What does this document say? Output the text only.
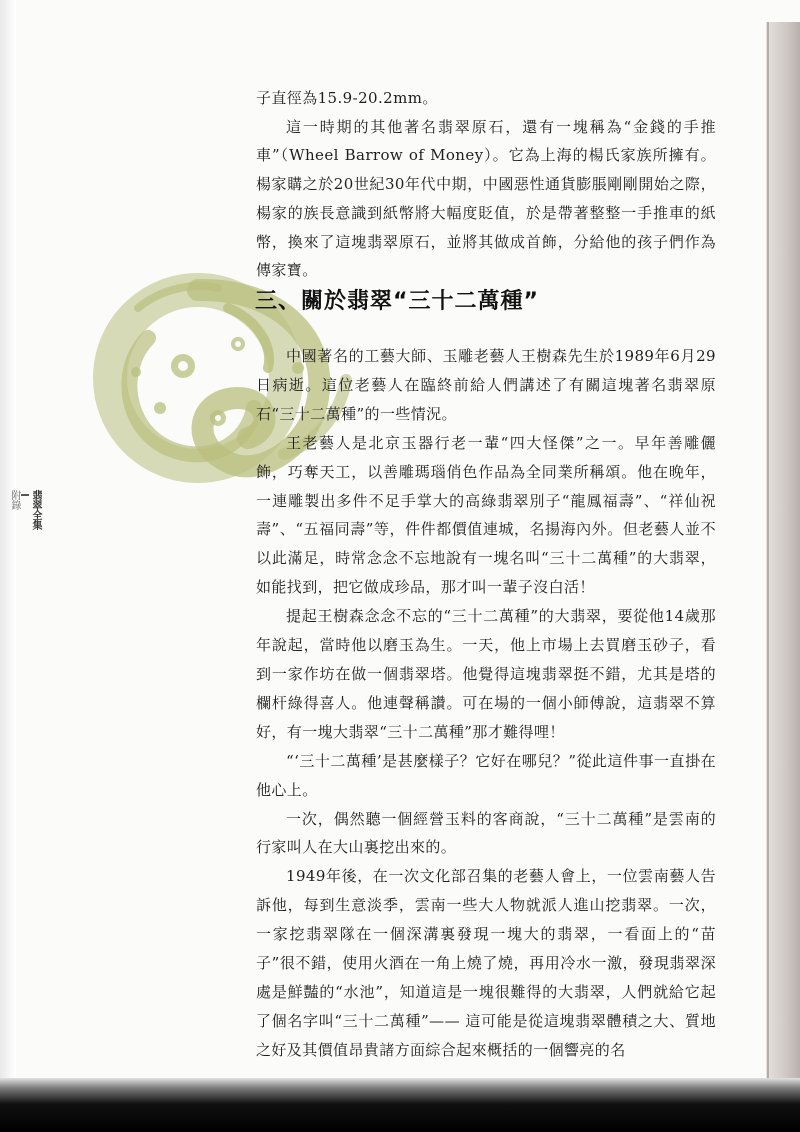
翡翠全集
附錄

子直徑為15.9-20.2mm。

這一時期的其他著名翡翠原石，還有一塊稱為“金錢的手推車”（Wheel Barrow of Money）。它為上海的楊氏家族所擁有。楊家購之於20世紀30年代中期，中國惡性通貨膨脹剛剛開始之際，楊家的族長意識到紙幣將大幅度貶值，於是帶著整整一手推車的紙幣，換來了這塊翡翠原石，並將其做成首飾，分給他的孩子們作為傳家寶。

三、關於翡翠“三十二萬種”

中國著名的工藝大師、玉雕老藝人王樹森先生於1989年6月29日病逝。這位老藝人在臨終前給人們講述了有關這塊著名翡翠原石“三十二萬種”的一些情況。

王老藝人是北京玉器行老一輩“四大怪傑”之一。早年善雕儷飾，巧奪天工，以善雕瑪瑙俏色作品為全同業所稱頌。他在晚年，一連雕製出多件不足手掌大的高綠翡翠別子“龍鳳福壽”、“祥仙祝壽”、“五福同壽”等，件件都價值連城，名揚海內外。但老藝人並不以此滿足，時常念念不忘地說有一塊名叫“三十二萬種”的大翡翠，如能找到，把它做成珍品，那才叫一輩子沒白活！

提起王樹森念念不忘的“三十二萬種”的大翡翠，要從他14歲那年說起，當時他以磨玉為生。一天，他上市場上去買磨玉砂子，看到一家作坊在做一個翡翠塔。他覺得這塊翡翠挺不錯，尤其是塔的欄杆綠得喜人。他連聲稱讚。可在場的一個小師傅說，這翡翠不算好，有一塊大翡翠“三十二萬種”那才難得哩！

“‘三十二萬種’是甚麼樣子？它好在哪兒？”從此這件事一直掛在他心上。

一次，偶然聽一個經營玉料的客商說，“三十二萬種”是雲南的行家叫人在大山裏挖出來的。

1949年後，在一次文化部召集的老藝人會上，一位雲南藝人告訴他，每到生意淡季，雲南一些大人物就派人進山挖翡翠。一次，一家挖翡翠隊在一個深溝裏發現一塊大的翡翠，一看面上的“苗子”很不錯，使用火酒在一角上燒了燒，再用冷水一激，發現翡翠深處是鮮豔的“水池”，知道這是一塊很難得的大翡翠，人們就給它起了個名字叫“三十二萬種”—— 這可能是從這塊翡翠體積之大、質地之好及其價值昂貴諸方面綜合起來概括的一個響亮的名
